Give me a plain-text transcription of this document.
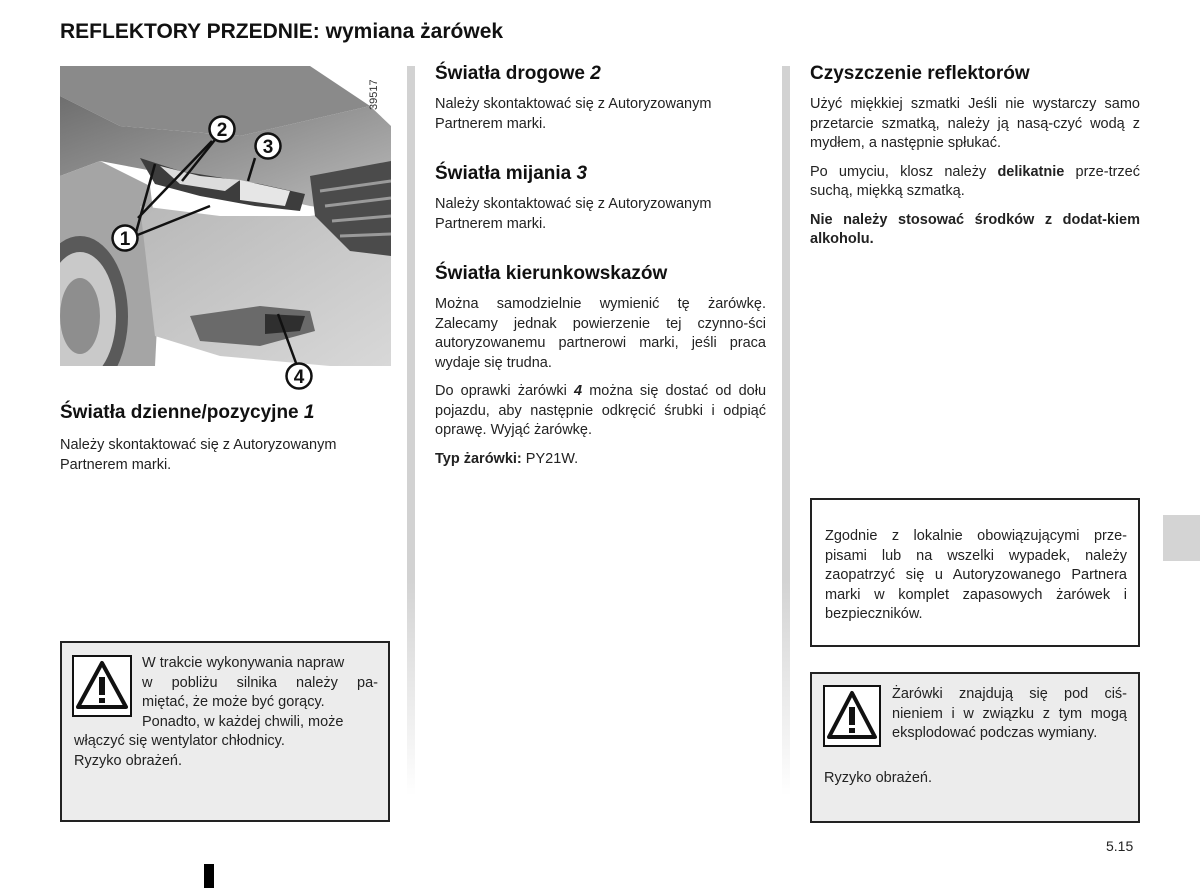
REFLEKTORY PRZEDNIE: wymiana żarówek
1
2
3
4
39517
Światła dzienne/pozycyjne 1

Należy skontaktować się z Autoryzowanym Partnerem marki.

W trakcie wykonywania napraw
w pobliżu silnika należy pa-
miętać, że może być gorący.
Ponadto, w każdej chwili, może
włączyć się wentylator chłodnicy.
Ryzyko obrażeń.
Światła drogowe 2

Należy skontaktować się z Autoryzowanym Partnerem marki.

Światła mijania 3

Należy skontaktować się z Autoryzowanym Partnerem marki.

Światła kierunkowskazów

Można samodzielnie wymienić tę żarówkę. Zalecamy jednak powierzenie tej czynno-ści autoryzowanemu partnerowi marki, jeśli praca wydaje się trudna.

Do oprawki żarówki 4 można się dostać od dołu pojazdu, aby następnie odkręcić śrubki i odpiąć oprawę. Wyjąć żarówkę.

Typ żarówki: PY21W.

Czyszczenie reflektorów

Użyć miękkiej szmatki Jeśli nie wystarczy samo przetarcie szmatką, należy ją nasą-czyć wodą z mydłem, a następnie spłukać.

Po umyciu, klosz należy delikatnie prze-trzeć suchą, miękką szmatką.

Nie należy stosować środków z dodat-kiem alkoholu.

Zgodnie z lokalnie obowiązującymi prze-pisami lub na wszelki wypadek, należy zaopatrzyć się u Autoryzowanego Partnera marki w komplet zapasowych żarówek i bezpieczników.

Żarówki znajdują się pod ciś-nieniem i w związku z tym mogą eksplodować podczas wymiany.

Ryzyko obrażeń.

5.15
